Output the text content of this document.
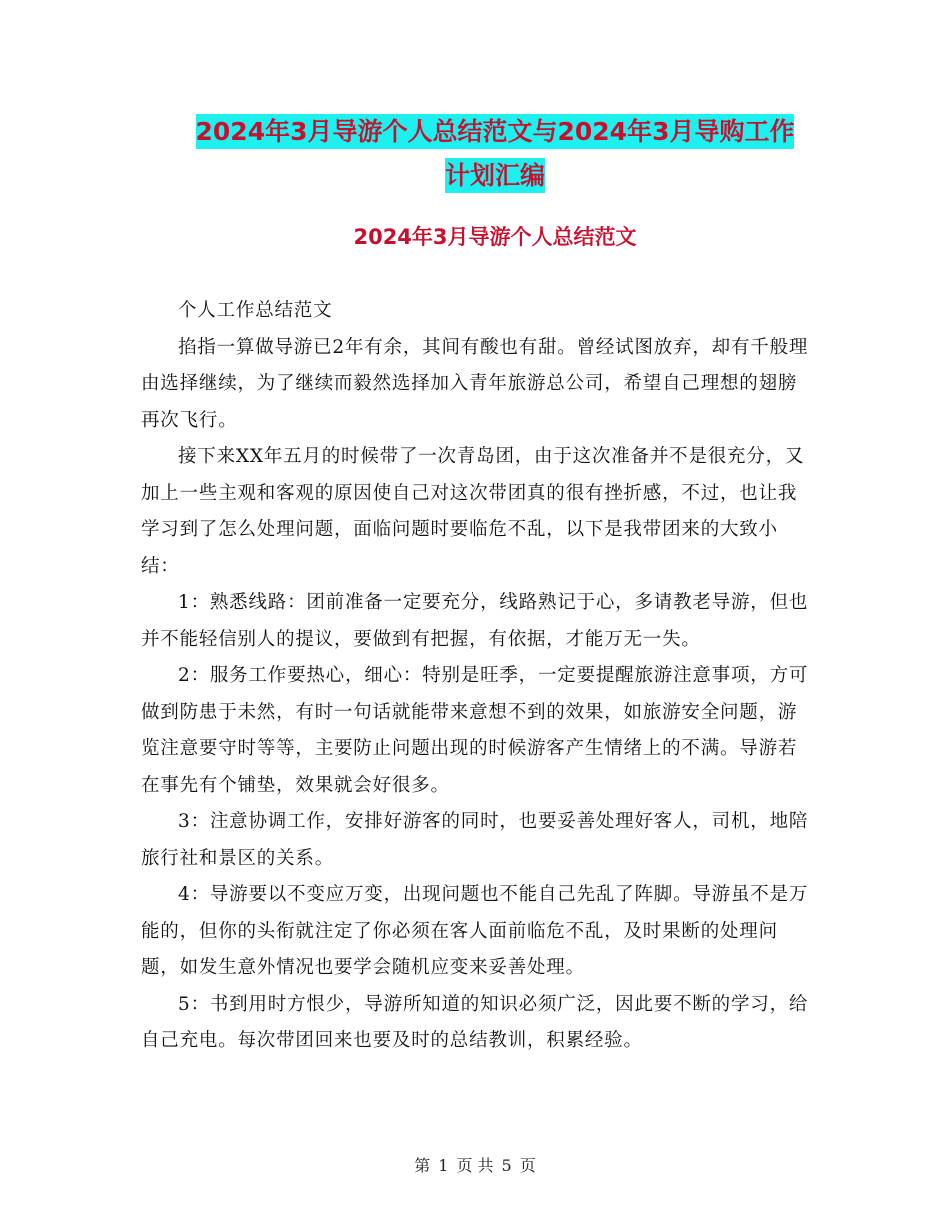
2024年3月导游个人总结范文与2024年3月导购工作
计划汇编
2024年3月导游个人总结范文

个人工作总结范文

掐指一算做导游已2年有余，其间有酸也有甜。曾经试图放弃，却有千般理由选择继续，为了继续而毅然选择加入青年旅游总公司，希望自己理想的翅膀再次飞行。

接下来XX年五月的时候带了一次青岛团，由于这次准备并不是很充分，又加上一些主观和客观的原因使自己对这次带团真的很有挫折感，不过，也让我学习到了怎么处理问题，面临问题时要临危不乱，以下是我带团来的大致小结：

1：熟悉线路：团前准备一定要充分，线路熟记于心，多请教老导游，但也并不能轻信别人的提议，要做到有把握，有依据，才能万无一失。

2：服务工作要热心，细心：特别是旺季，一定要提醒旅游注意事项，方可做到防患于未然，有时一句话就能带来意想不到的效果，如旅游安全问题，游览注意要守时等等，主要防止问题出现的时候游客产生情绪上的不满。导游若在事先有个铺垫，效果就会好很多。

3：注意协调工作，安排好游客的同时，也要妥善处理好客人，司机，地陪旅行社和景区的关系。

4：导游要以不变应万变，出现问题也不能自己先乱了阵脚。导游虽不是万能的，但你的头衔就注定了你必须在客人面前临危不乱，及时果断的处理问题，如发生意外情况也要学会随机应变来妥善处理。

5：书到用时方恨少，导游所知道的知识必须广泛，因此要不断的学习，给自己充电。每次带团回来也要及时的总结教训，积累经验。

第 1 页 共 5 页
